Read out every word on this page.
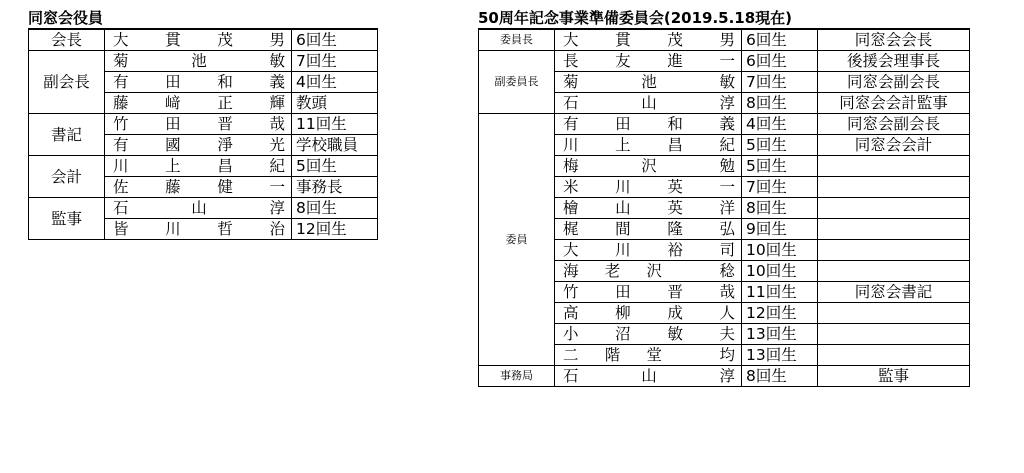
同窓会役員
会長	大 貫 茂 男	6回生
副会長	菊 池 敏	7回生
	有 田 和 義	4回生
	藤 﨑 正 輝	教頭
書記	竹 田 晋 哉	11回生
	有 國 淨 光	学校職員
会計	川 上 昌 紀	5回生
	佐 藤 健 一	事務長
監事	石 山 淳	8回生
	皆 川 哲 治	12回生
50周年記念事業準備委員会(2019.5.18現在)
委員長	大 貫 茂 男	6回生	同窓会会長
副委員長	長 友 進 一	6回生	後援会理事長
	菊 池 敏	7回生	同窓会副会長
	石 山 淳	8回生	同窓会会計監事
委員	有 田 和 義	4回生	同窓会副会長
	川 上 昌 紀	5回生	同窓会会計
	梅 沢 勉	5回生	
	米 川 英 一	7回生	
	檜 山 英 洋	8回生	
	梶 間 隆 弘	9回生	
	大 川 裕 司	10回生	
	海老沢 稔	10回生	
	竹 田 晋 哉	11回生	同窓会書記
	高 柳 成 人	12回生	
	小 沼 敏 夫	13回生	
	二階堂 均	13回生	
事務局	石 山 淳	8回生	監事
